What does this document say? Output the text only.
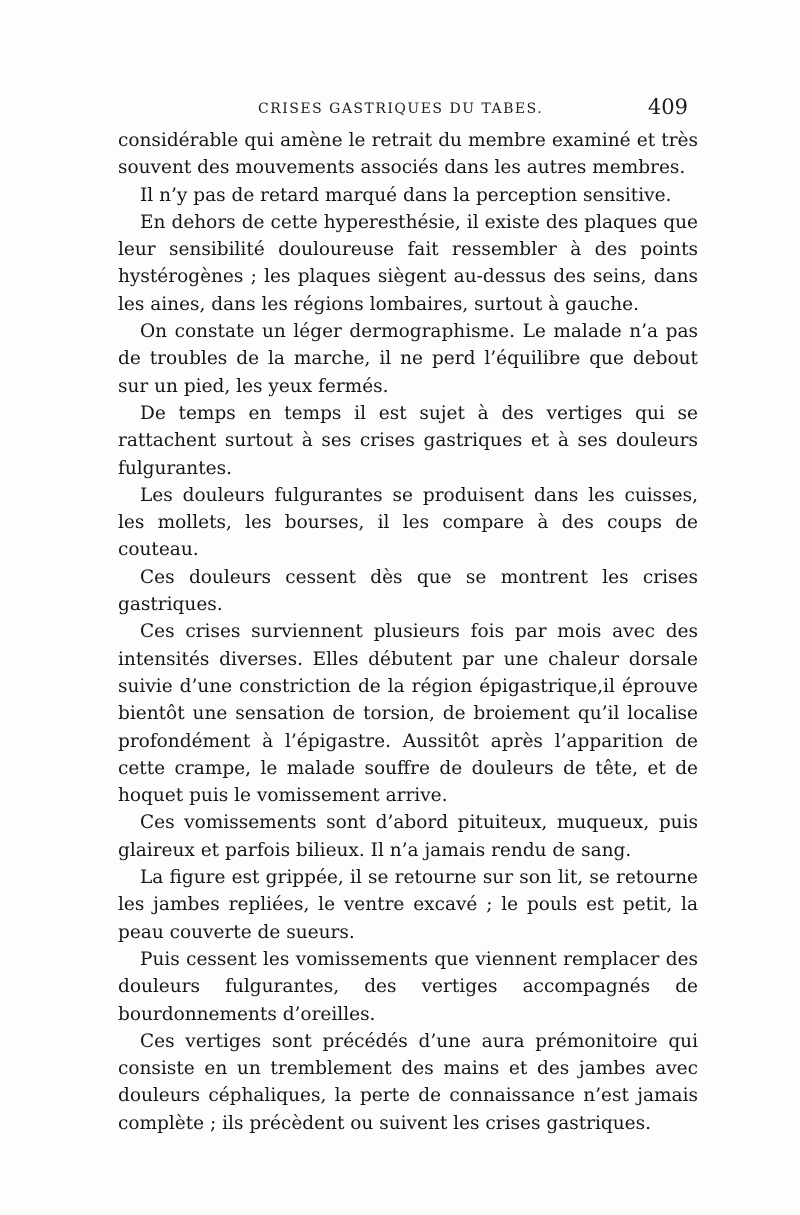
CRISES GASTRIQUES DU TABES.	409

considérable qui amène le retrait du membre examiné et très souvent des mouvements associés dans les autres membres.

Il n’y pas de retard marqué dans la perception sensitive.

En dehors de cette hyperesthésie, il existe des plaques que leur sensibilité douloureuse fait ressembler à des points hystérogènes ; les plaques siègent au-dessus des seins, dans les aines, dans les régions lombaires, surtout à gauche.

On constate un léger dermographisme. Le malade n’a pas de troubles de la marche, il ne perd l’équilibre que debout sur un pied, les yeux fermés.

De temps en temps il est sujet à des vertiges qui se rattachent surtout à ses crises gastriques et à ses douleurs fulgurantes.

Les douleurs fulgurantes se produisent dans les cuisses, les mollets, les bourses, il les compare à des coups de couteau.

Ces douleurs cessent dès que se montrent les crises gastriques.

Ces crises surviennent plusieurs fois par mois avec des intensités diverses. Elles débutent par une chaleur dorsale suivie d’une constriction de la région épigastrique,il éprouve bientôt une sensation de torsion, de broiement qu’il localise profondément à l’épigastre. Aussitôt après l’apparition de cette crampe, le malade souffre de douleurs de tête, et de hoquet puis le vomissement arrive.

Ces vomissements sont d’abord pituiteux, muqueux, puis glaireux et parfois bilieux. Il n’a jamais rendu de sang.

La figure est grippée, il se retourne sur son lit, se retourne les jambes repliées, le ventre excavé ; le pouls est petit, la peau couverte de sueurs.

Puis cessent les vomissements que viennent remplacer des douleurs fulgurantes, des vertiges accompagnés de bourdonnements d’oreilles.

Ces vertiges sont précédés d’une aura prémonitoire qui consiste en un tremblement des mains et des jambes avec douleurs céphaliques, la perte de connaissance n’est jamais complète ; ils précèdent ou suivent les crises gastriques.
